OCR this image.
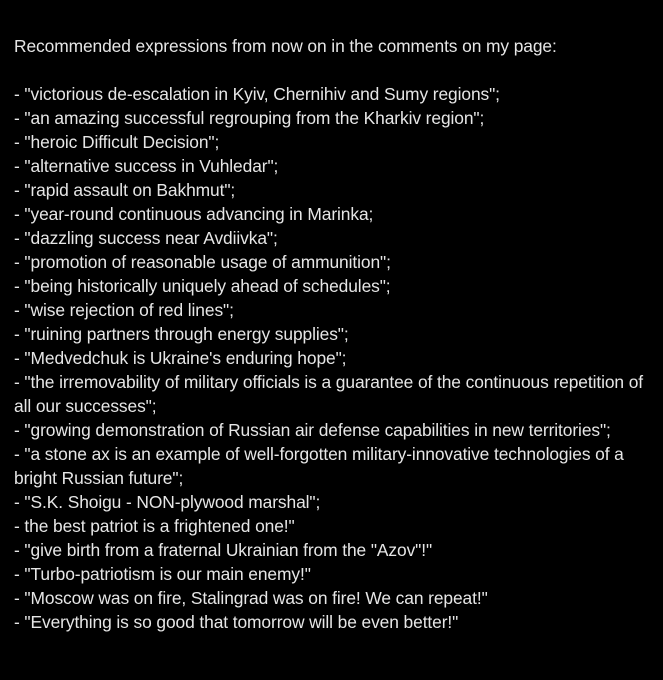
Recommended expressions from now on in the comments on my page:
- "victorious de-escalation in Kyiv, Chernihiv and Sumy regions";
- "an amazing successful regrouping from the Kharkiv region";
- "heroic Difficult Decision";
- "alternative success in Vuhledar";
- "rapid assault on Bakhmut";
- "year-round continuous advancing in Marinka;
- "dazzling success near Avdiivka";
- "promotion of reasonable usage of ammunition";
- "being historically uniquely ahead of schedules";
- "wise rejection of red lines";
- "ruining partners through energy supplies";
- "Medvedchuk is Ukraine's enduring hope";
- "the irremovability of military officials is a guarantee of the continuous repetition of all our successes";
- "growing demonstration of Russian air defense capabilities in new territories";
- "a stone ax is an example of well-forgotten military-innovative technologies of a bright Russian future";
- "S.K. Shoigu - NON-plywood marshal";
- the best patriot is a frightened one!"
- "give birth from a fraternal Ukrainian from the "Azov"!"
- "Turbo-patriotism is our main enemy!"
- "Moscow was on fire, Stalingrad was on fire! We can repeat!"
- "Everything is so good that tomorrow will be even better!"
